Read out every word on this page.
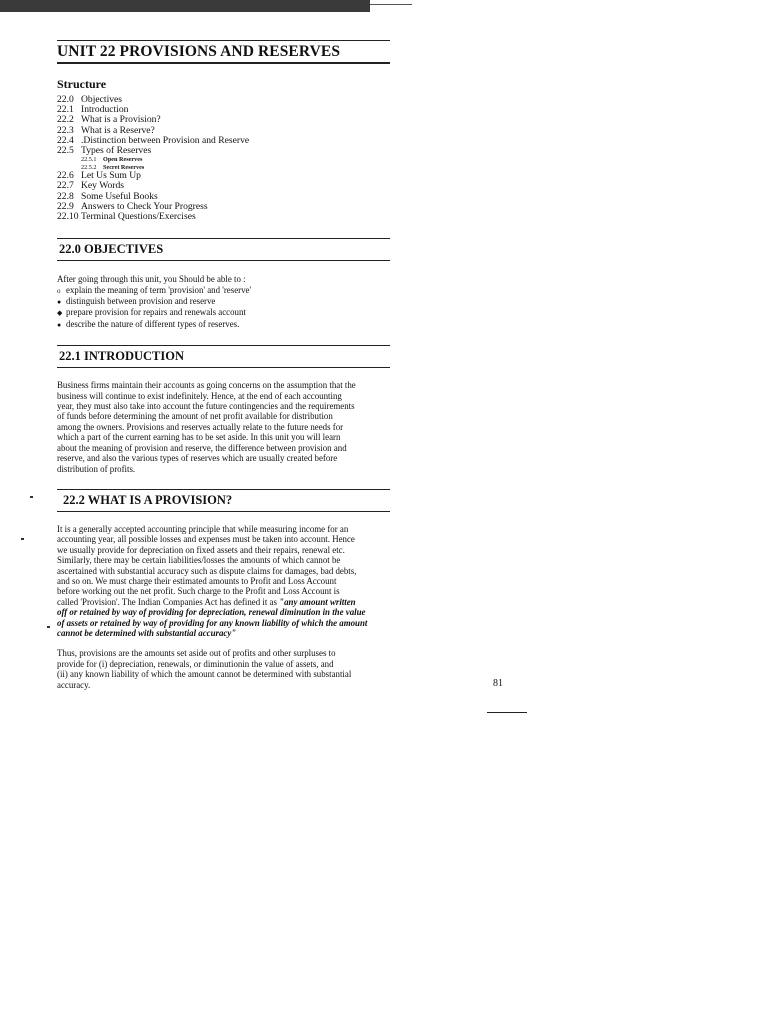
UNIT 22 PROVISIONS AND RESERVES
Structure
22.0 Objectives
22.1 Introduction
22.2 What is a Provision?
22.3 What is a Reserve?
22.4 .Distinction between Provision and Reserve
22.5 Types of Reserves
22.5.1 Open Reserves
22.5.2 Secret Reserves
22.6 Let Us Sum Up
22.7 Key Words
22.8 Some Useful Books
22.9 Answers to Check Your Progress
22.10 Terminal Questions/Exercises
22.0 OBJECTIVES

After going through this unit, you Should be able to :

o explain the meaning of term 'provision' and 'reserve'
● distinguish between provision and reserve
◆ prepare provision for repairs and renewals account
● describe the nature of different types of reserves.
22.1 INTRODUCTION
Business firms maintain their accounts as going concerns on the assumption that the
business will continue to exist indefinitely. Hence, at the end of each accounting
year, they must also take into account the future contingencies and the requirements
of funds before determining the amount of net profit available for distribution
among the owners. Provisions and reserves actually relate to the future needs for
which a part of the current earning has to be set aside. In this unit you will learn
about the meaning of provision and reserve, the difference between provision and
reserve, and also the various types of reserves which are usually created before
distribution of profits.
22.2 WHAT IS A PROVISION?
It is a generally accepted accounting principle that while measuring income for an
accounting year, all possible losses and expenses must be taken into account. Hence
we usually provide for depreciation on fixed assets and their repairs, renewal etc.
Similarly, there may be certain liabilities/losses the amounts of which cannot be
ascertained with substantial accuracy such as dispute claims for damages, bad debts,
and so on. We must charge their estimated amounts to Profit and Loss Account
before working out the net profit. Such charge to the Profit and Loss Account is
called 'Provision'. The Indian Companies Act has defined it as "any amount written
off or retained by way of providing for depreciation, renewal diminution in the value
of assets or retained by way of providing for any known liability of which the amount
cannot be determined with substantial accuracy"
Thus, provisions are the amounts set aside out of profits and other surpluses to
provide for (i) depreciation, renewals, or diminutionin the value of assets, and
(ii) any known liability of which the amount cannot be determined with substantial
accuracy.	81
